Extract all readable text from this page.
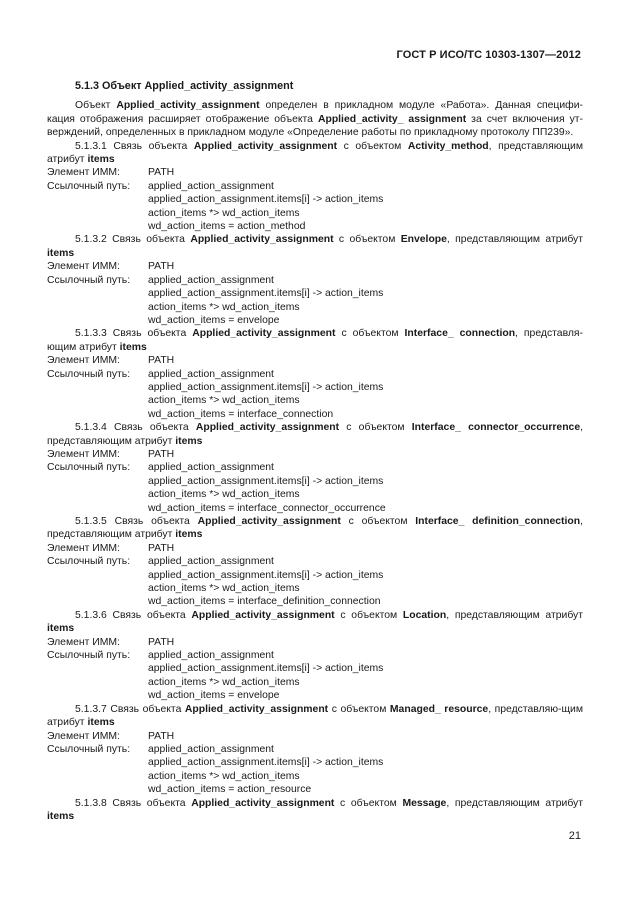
ГОСТ Р ИСО/ТС 10303-1307—2012
5.1.3 Объект Applied_activity_assignment

Объект Applied_activity_assignment определен в прикладном модуле «Работа». Данная специфи-кация отображения расширяет отображение объекта Applied_activity_ assignment за счет включения ут-верждений, определенных в прикладном модуле «Определение работы по прикладному протоколу ПП239».

5.1.3.1 Связь объекта Applied_activity_assignment с объектом Activity_method, представляющим атрибут items

Элемент ИММ:	PATH
Ссылочный путь:	applied_action_assignment
applied_action_assignment.items[i] -> action_items
action_items *> wd_action_items
wd_action_items = action_method

5.1.3.2 Связь объекта Applied_activity_assignment с объектом Envelope, представляющим атрибут items

Элемент ИММ:	PATH
Ссылочный путь:	applied_action_assignment
applied_action_assignment.items[i] -> action_items
action_items *> wd_action_items
wd_action_items = envelope

5.1.3.3 Связь объекта Applied_activity_assignment с объектом Interface_ connection, представля-ющим атрибут items

Элемент ИММ:	PATH
Ссылочный путь:	applied_action_assignment
applied_action_assignment.items[i] -> action_items
action_items *> wd_action_items
wd_action_items = interface_connection

5.1.3.4 Связь объекта Applied_activity_assignment с объектом Interface_ connector_occurrence, представляющим атрибут items

Элемент ИММ:	PATH
Ссылочный путь:	applied_action_assignment
applied_action_assignment.items[i] -> action_items
action_items *> wd_action_items
wd_action_items = interface_connector_occurrence

5.1.3.5 Связь объекта Applied_activity_assignment с объектом Interface_ definition_connection, представляющим атрибут items

Элемент ИММ:	PATH
Ссылочный путь:	applied_action_assignment
applied_action_assignment.items[i] -> action_items
action_items *> wd_action_items
wd_action_items = interface_definition_connection

5.1.3.6 Связь объекта Applied_activity_assignment с объектом Location, представляющим атрибут items

Элемент ИММ:	PATH
Ссылочный путь:	applied_action_assignment
applied_action_assignment.items[i] -> action_items
action_items *> wd_action_items
wd_action_items = envelope

5.1.3.7 Связь объекта Applied_activity_assignment с объектом Managed_ resource, представляю-щим атрибут items

Элемент ИММ:	PATH
Ссылочный путь:	applied_action_assignment
applied_action_assignment.items[i] -> action_items
action_items *> wd_action_items
wd_action_items = action_resource

5.1.3.8 Связь объекта Applied_activity_assignment с объектом Message, представляющим атрибут items

21
